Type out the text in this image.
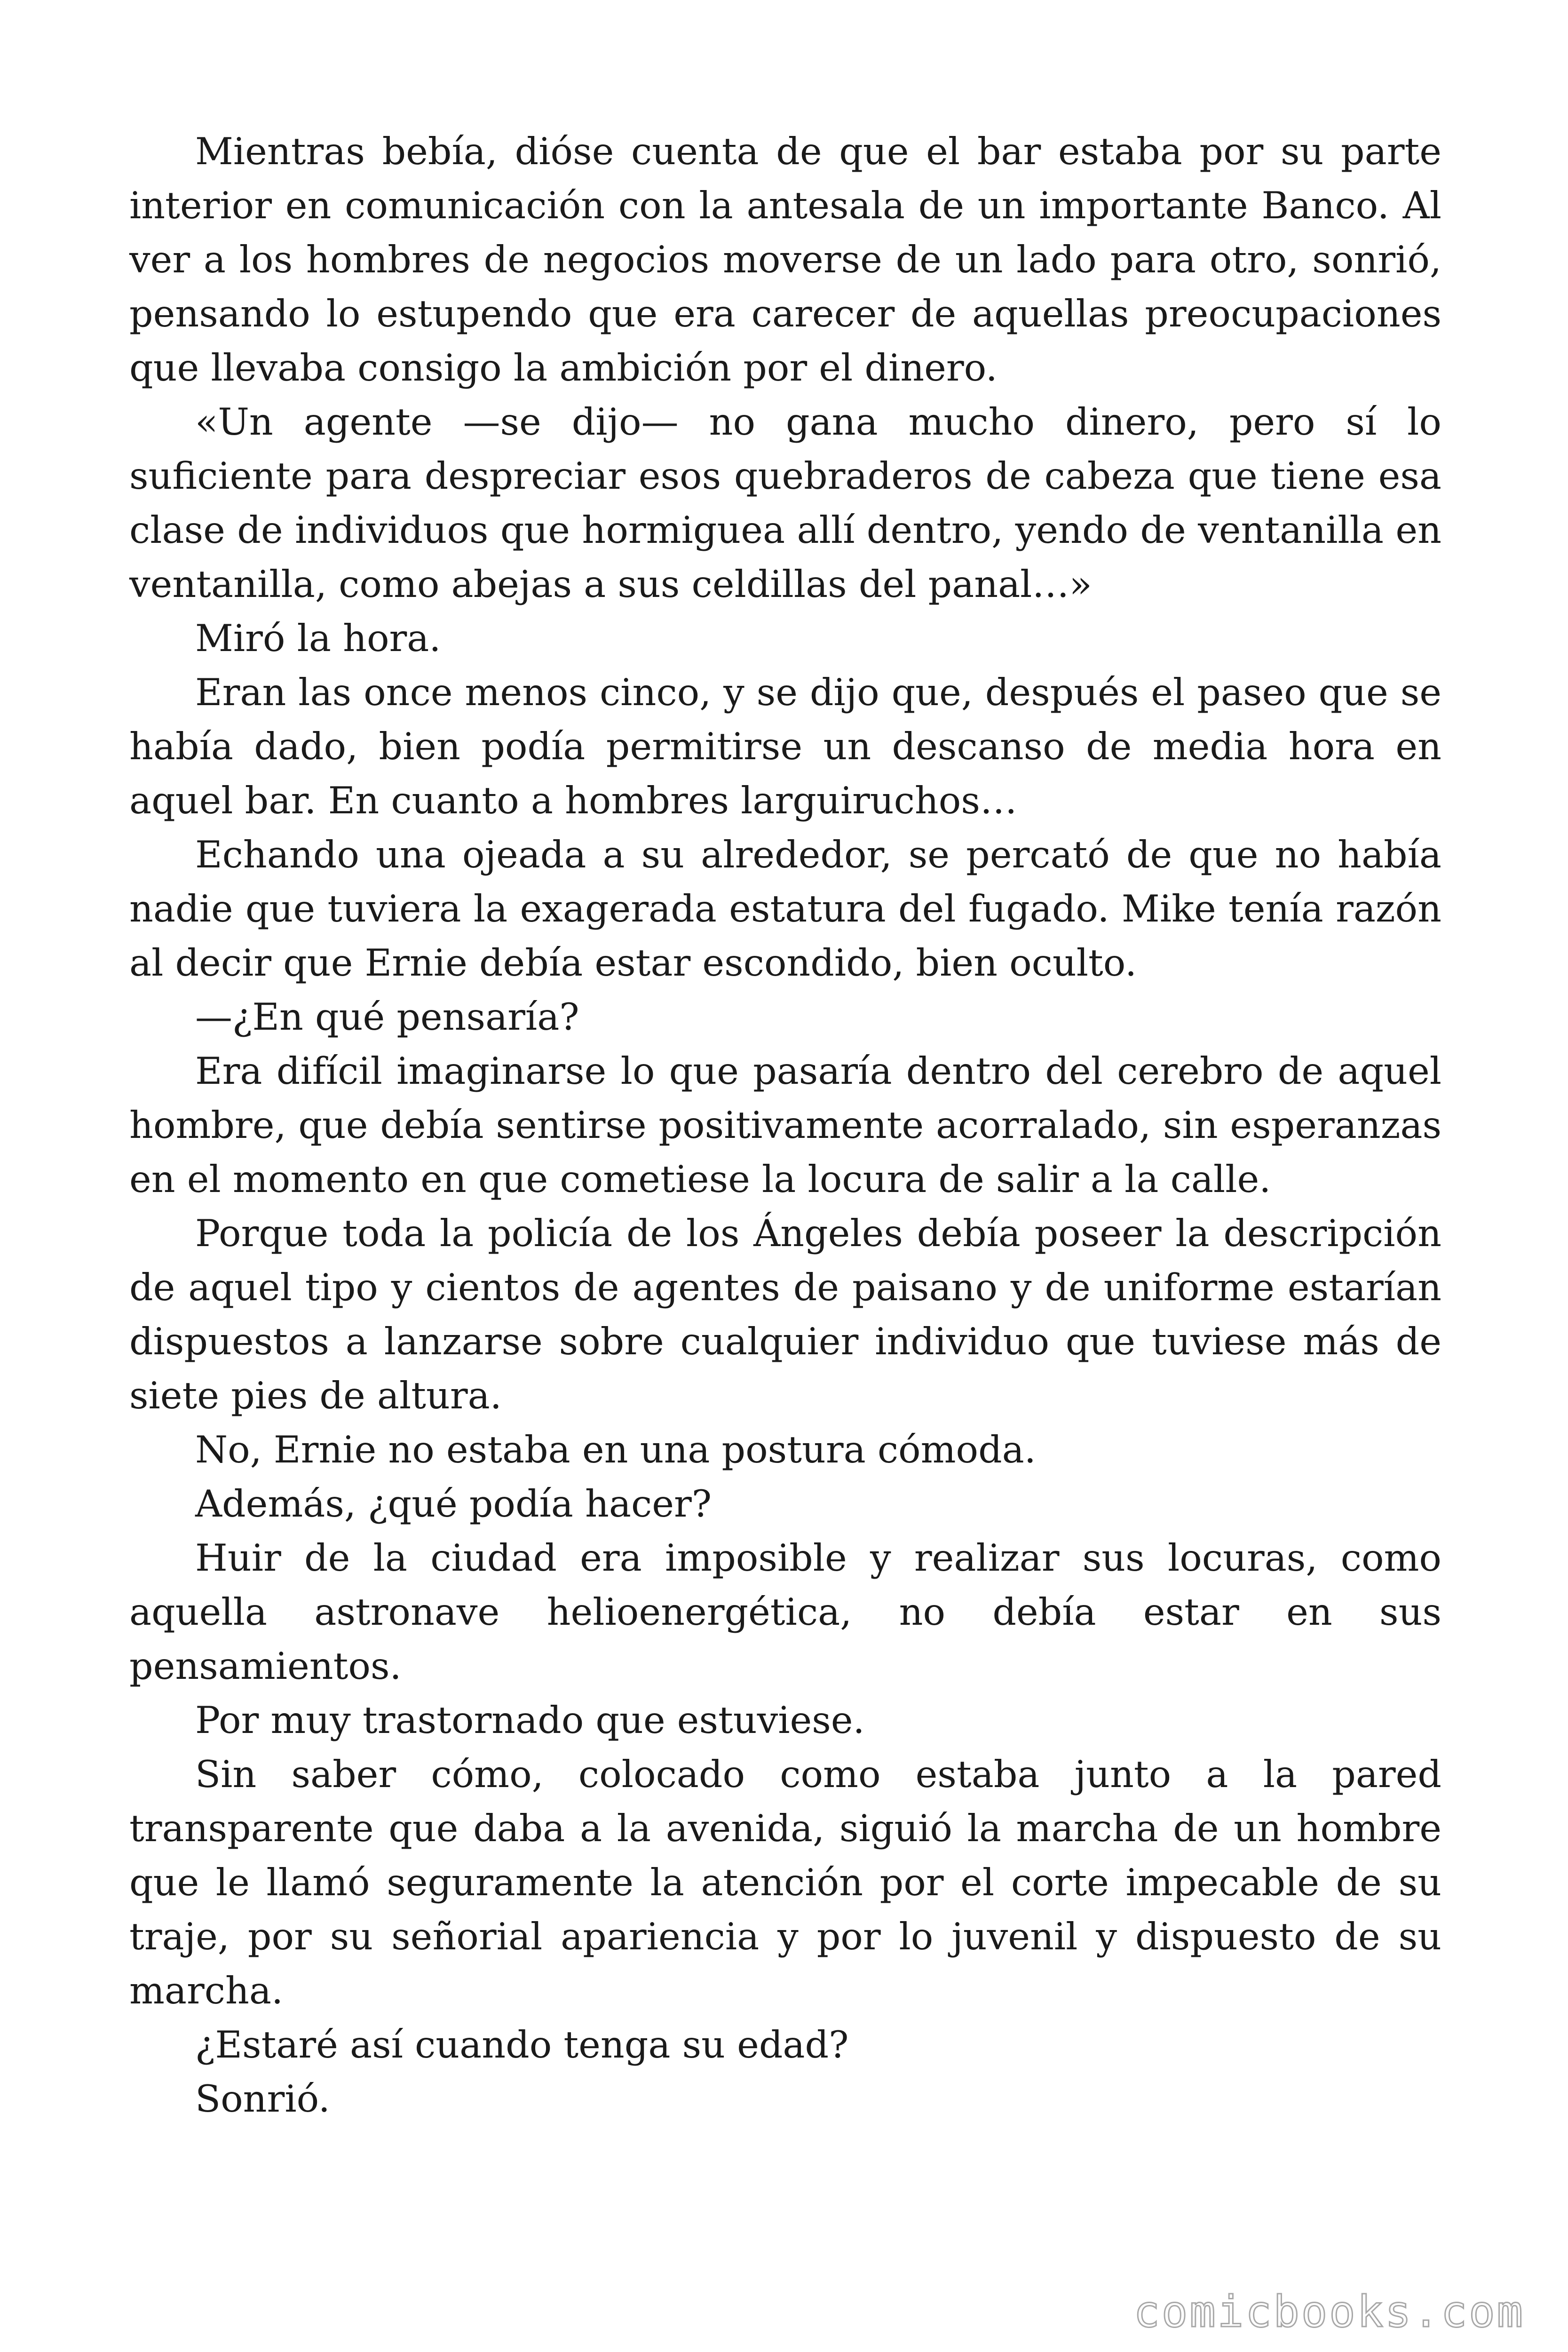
Mientras bebía, dióse cuenta de que el bar estaba por su parte interior en comunicación con la antesala de un importante Banco. Al ver a los hombres de negocios moverse de un lado para otro, sonrió, pensando lo estupendo que era carecer de aquellas preocupaciones que llevaba consigo la ambición por el dinero.

«Un agente —se dijo— no gana mucho dinero, pero sí lo suficiente para despreciar esos quebraderos de cabeza que tiene esa clase de individuos que hormiguea allí dentro, yendo de ventanilla en ventanilla, como abejas a sus celdillas del panal…»

Miró la hora.

Eran las once menos cinco, y se dijo que, después el paseo que se había dado, bien podía permitirse un descanso de media hora en aquel bar. En cuanto a hombres larguiruchos…

Echando una ojeada a su alrededor, se percató de que no había nadie que tuviera la exagerada estatura del fugado. Mike tenía razón al decir que Ernie debía estar escondido, bien oculto.

—¿En qué pensaría?

Era difícil imaginarse lo que pasaría dentro del cerebro de aquel hombre, que debía sentirse positivamente acorralado, sin esperanzas en el momento en que cometiese la locura de salir a la calle.

Porque toda la policía de los Ángeles debía poseer la descripción de aquel tipo y cientos de agentes de paisano y de uniforme estarían dispuestos a lanzarse sobre cualquier individuo que tuviese más de siete pies de altura.

No, Ernie no estaba en una postura cómoda.

Además, ¿qué podía hacer?

Huir de la ciudad era imposible y realizar sus locuras, como aquella astronave helioenergética, no debía estar en sus pensamientos.

Por muy trastornado que estuviese.

Sin saber cómo, colocado como estaba junto a la pared transparente que daba a la avenida, siguió la marcha de un hombre que le llamó seguramente la atención por el corte impecable de su traje, por su señorial apariencia y por lo juvenil y dispuesto de su marcha.

¿Estaré así cuando tenga su edad?

Sonrió.

comicbooks.com
